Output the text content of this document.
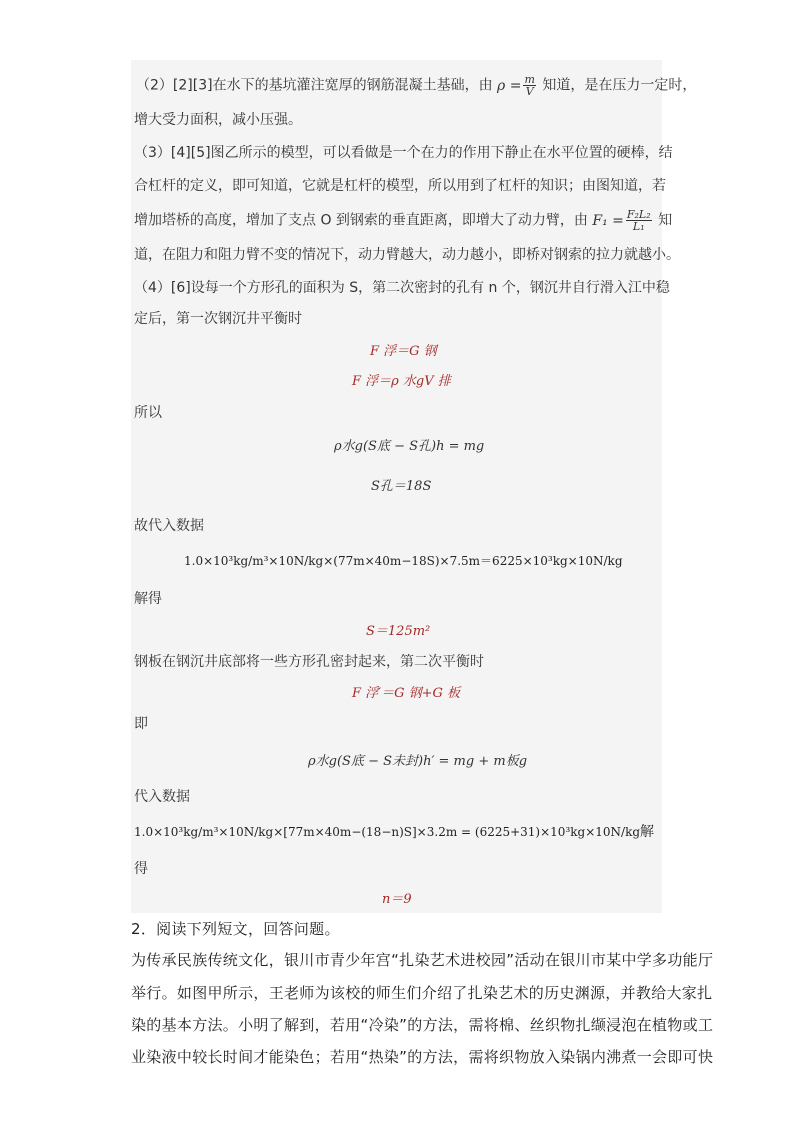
（2）[2][3]在水下的基坑灌注宽厚的钢筋混凝土基础，由 $\rho = \frac{m}{V}$ 知道，是在压力一定时，
增大受力面积，减小压强。
（3）[4][5]图乙所示的模型，可以看做是一个在力的作用下静止在水平位置的硬棒，结
合杠杆的定义，即可知道，它就是杠杆的模型，所以用到了杠杆的知识；由图知道，若
增加塔桥的高度，增加了支点 O 到钢索的垂直距离，即增大了动力臂，由 $F_1 = \frac{\text{F₂L₂}}{\text{L₁}}$ 知
道，在阻力和阻力臂不变的情况下，动力臂越大，动力越小，即桥对钢索的拉力就越小。
（4）[6]设每一个方形孔的面积为 S，第二次密封的孔有 n 个，钢沉井自行滑入江中稳
定后，第一次钢沉井平衡时
F 浮＝G 钢
F 浮＝ρ 水gV 排
所以
ρ水g(S底 − S孔)h = mg
S孔＝18S
故代入数据
1.0×10³kg/m³×10N/kg×(77m×40m−18S)×7.5m＝6225×10³kg×10N/kg
解得
S＝125m²
钢板在钢沉井底部将一些方形孔密封起来，第二次平衡时
F 浮′＝G 钢+G 板
即
ρ水g(S底 − S未封)h′ = mg + m板g
代入数据
1.0×10³kg/m³×10N/kg×[77m×40m−(18−n)S]×3.2m = (6225+31)×10³kg×10N/kg解
得
n＝9
2．阅读下列短文，回答问题。
为传承民族传统文化，银川市青少年宫“扎染艺术进校园”活动在银川市某中学多功能厅
举行。如图甲所示，王老师为该校的师生们介绍了扎染艺术的历史渊源，并教给大家扎
染的基本方法。小明了解到，若用“冷染”的方法，需将棉、丝织物扎缬浸泡在植物或工
业染液中较长时间才能染色；若用“热染”的方法，需将织物放入染锅内沸煮一会即可快
